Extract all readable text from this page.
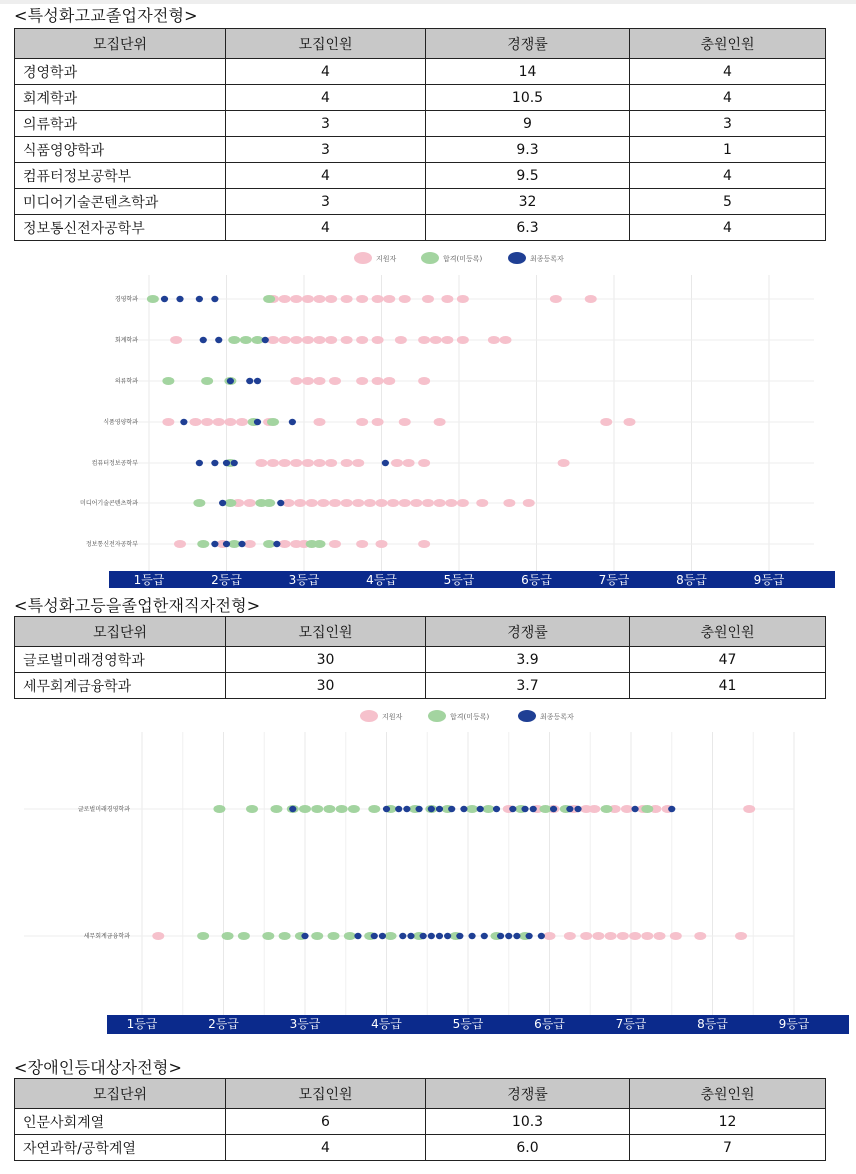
<특성화고교졸업자전형>
모집단위	모집인원	경쟁률	충원인원
경영학과	4	14	4
회계학과	4	10.5	4
의류학과	3	9	3
식품영양학과	3	9.3	1
컴퓨터정보공학부	4	9.5	4
미디어기술콘텐츠학과	3	32	5
정보통신전자공학부	4	6.3	4
경영학과
회계학과
의류학과
식품영양학과
컴퓨터정보공학부
미디어기술콘텐츠학과
정보통신전자공학부
지원자	합격(미등록)	최종등록자
1등급	2등급	3등급	4등급	5등급	6등급	7등급	8등급	9등급
<특성화고등을졸업한재직자전형>
모집단위	모집인원	경쟁률	충원인원
글로벌미래경영학과	30	3.9	47
세무회계금융학과	30	3.7	41
글로벌미래경영학과
세무회계금융학과
지원자	합격(미등록)	최종등록자
1등급	2등급	3등급	4등급	5등급	6등급	7등급	8등급	9등급
<장애인등대상자전형>
모집단위	모집인원	경쟁률	충원인원
인문사회계열	6	10.3	12
자연과학/공학계열	4	6.0	7
